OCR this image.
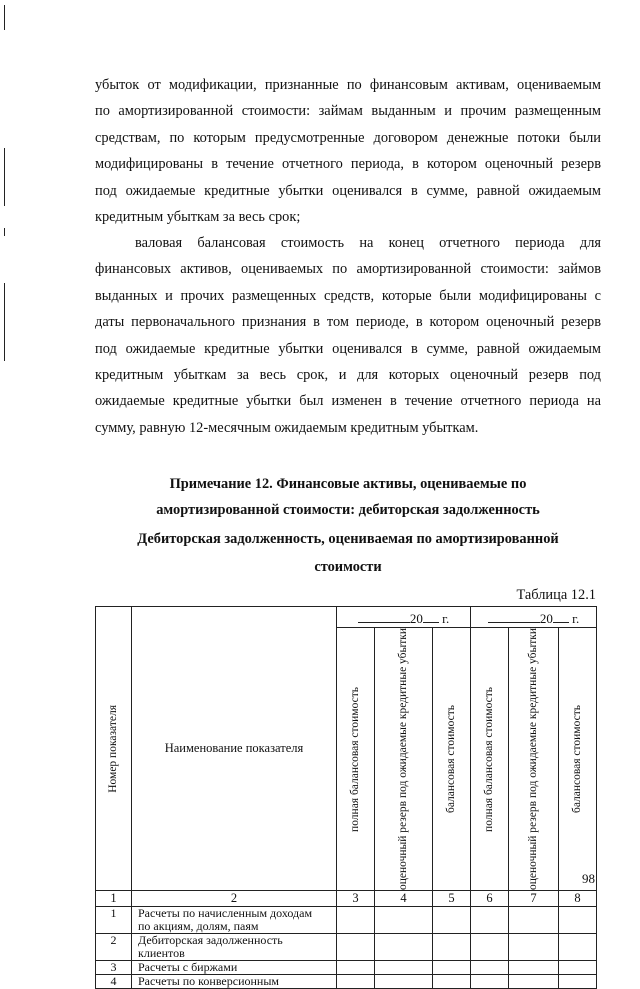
убыток от модификации, признанные по финансовым активам, оцениваемым
по амортизированной стоимости: займам выданным и прочим размещенным
средствам, по которым предусмотренные договором денежные потоки были
модифицированы в течение отчетного периода, в котором оценочный резерв
под ожидаемые кредитные убытки оценивался в сумме, равной ожидаемым
кредитным убыткам за весь срок;
валовая балансовая стоимость на конец отчетного периода для
финансовых активов, оцениваемых по амортизированной стоимости: займов
выданных и прочих размещенных средств, которые были модифицированы с
даты первоначального признания в том периоде, в котором оценочный резерв
под ожидаемые кредитные убытки оценивался в сумме, равной ожидаемым
кредитным убыткам за весь срок, и для которых оценочный резерв под
ожидаемые кредитные убытки был изменен в течение отчетного периода на
сумму, равную 12-месячным ожидаемым кредитным убыткам.
Примечание 12. Финансовые активы, оцениваемые по
амортизированной стоимости: дебиторская задолженность
Дебиторская задолженность, оцениваемая по амортизированной
стоимости
Таблица 12.1
Номер показателя	Наименование показателя	20 г.			20 г.		

		полная балансовая стоимость	оценочный резерв под ожидаемые кредитные убытки	балансовая стоимость	полная балансовая стоимость	оценочный резерв под ожидаемые кредитные убытки	балансовая стоимость

1	2	3	4	5	6	7	8
1	Расчеты по начисленным доходам
по акциям, долям, паям						
2	Дебиторская задолженность
клиентов						
3	Расчеты с биржами						
4	Расчеты по конверсионным						
98
